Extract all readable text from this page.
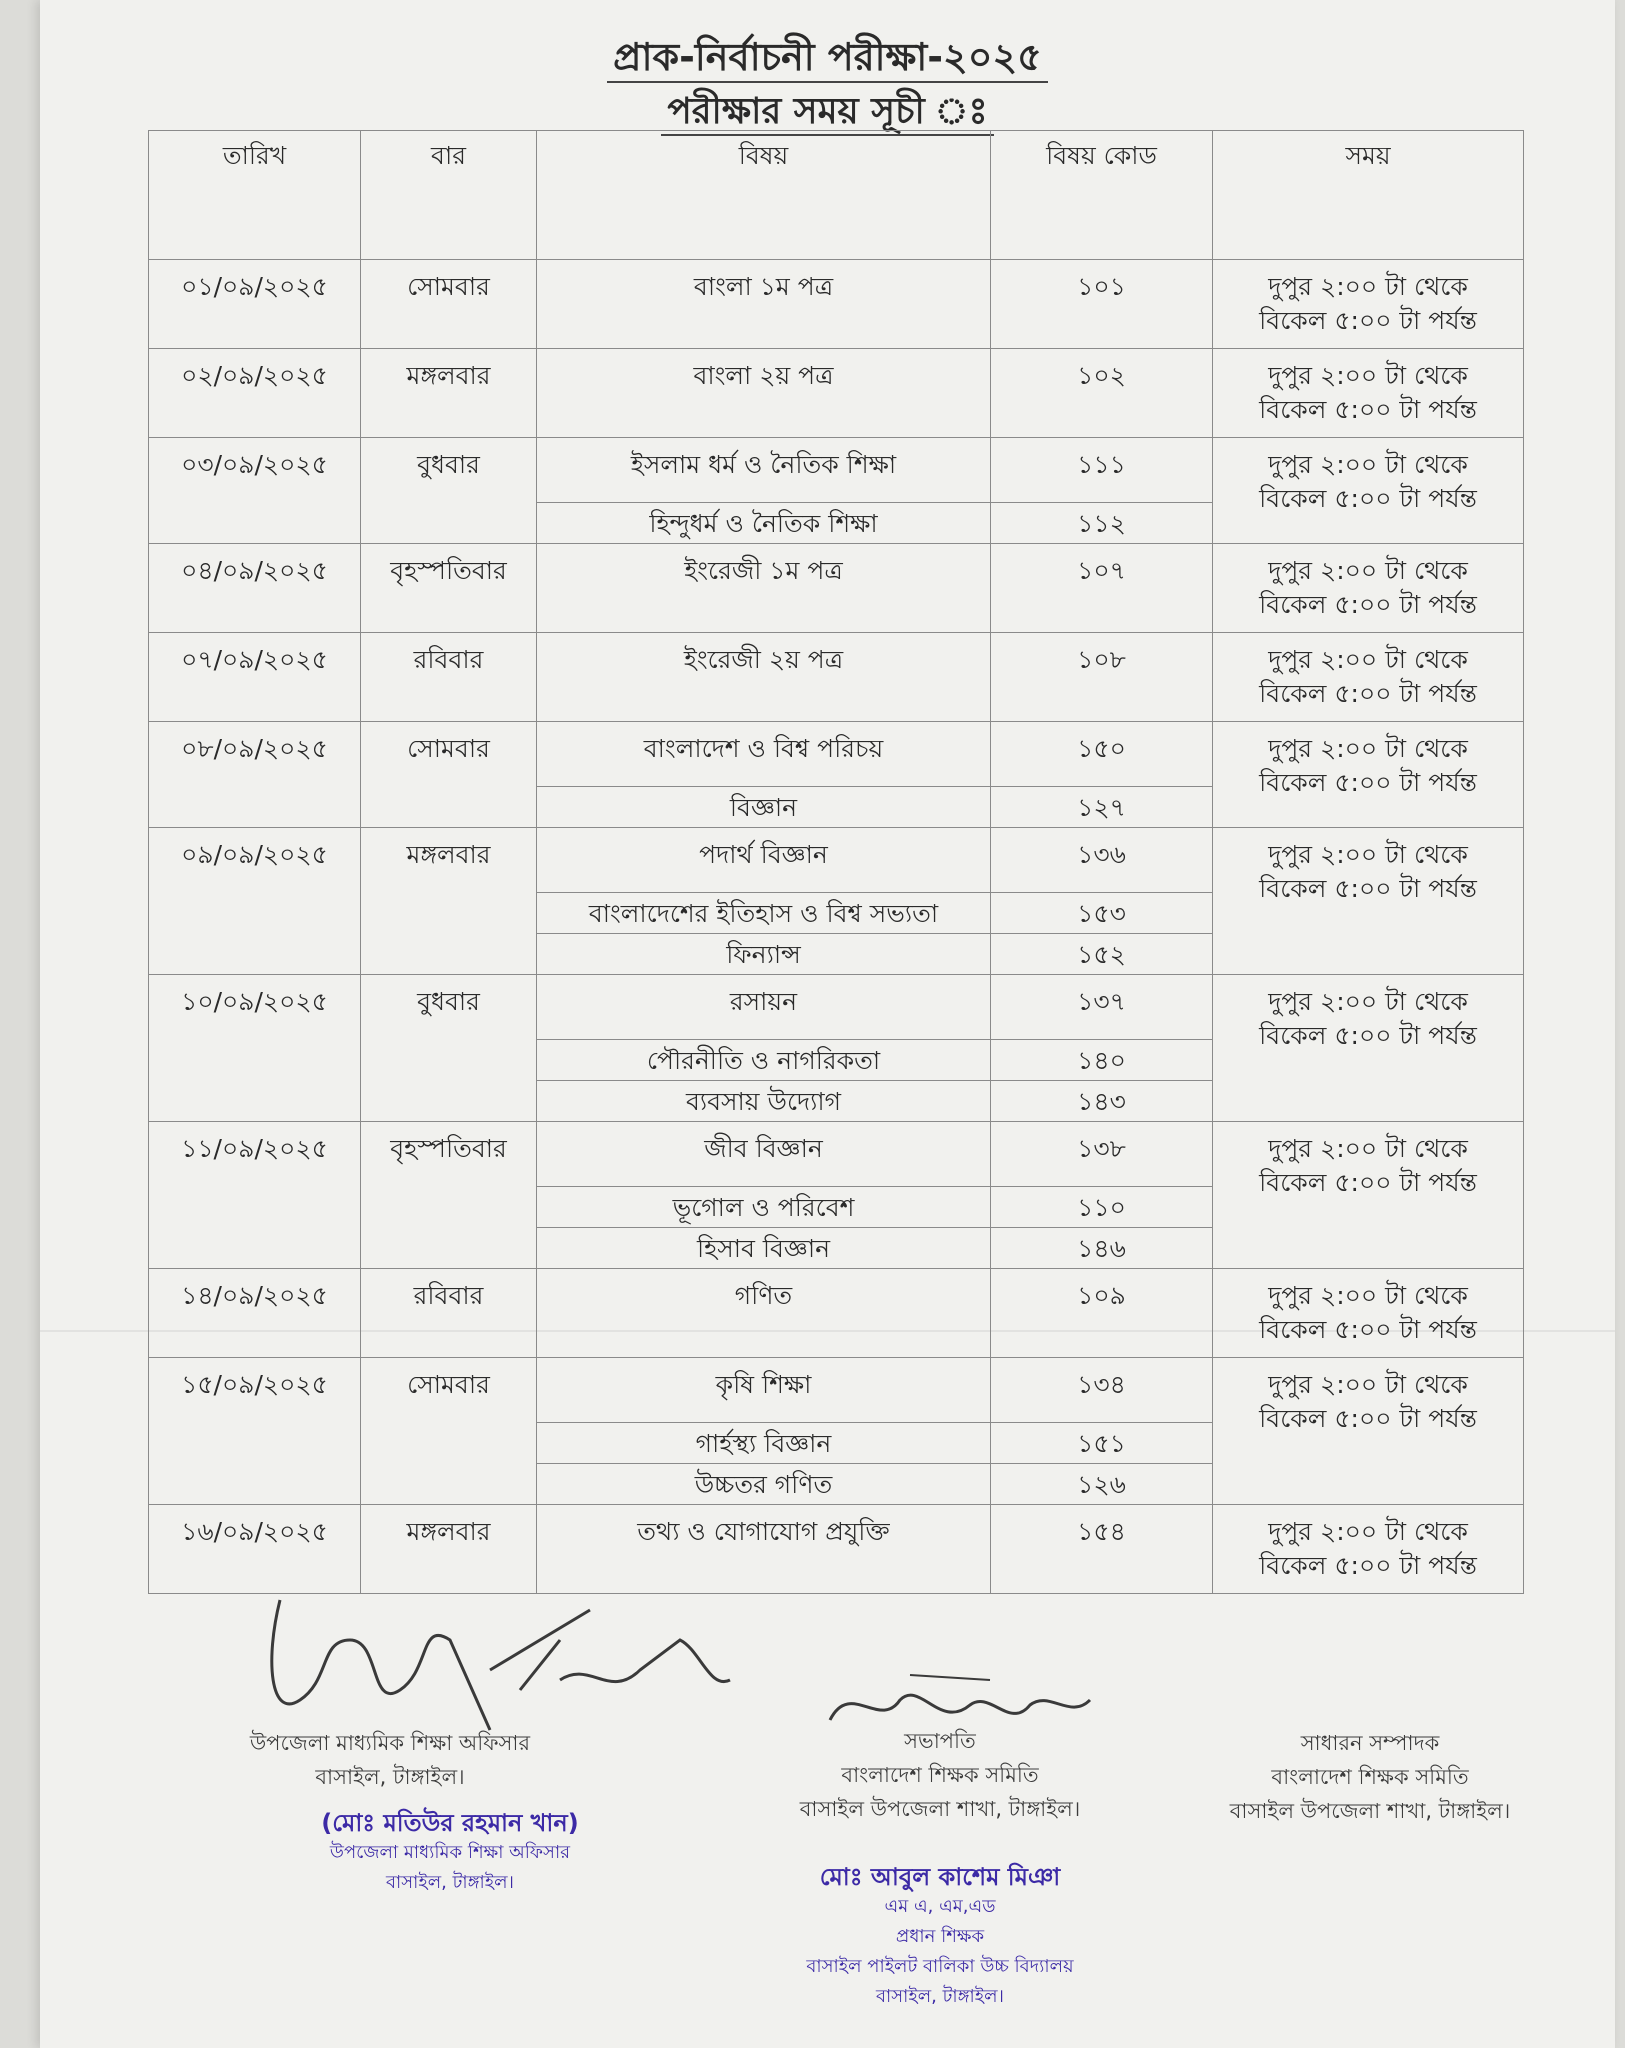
প্রাক-নির্বাচনী পরীক্ষা-২০২৫
পরীক্ষার সময় সূচী ঃ
তারিখ	বার	বিষয়	বিষয় কোড	সময়
০১/০৯/২০২৫	সোমবার	বাংলা ১ম পত্র	১০১	দুপুর ২:০০ টা থেকে
বিকেল ৫:০০ টা পর্যন্ত

০২/০৯/২০২৫	মঙ্গলবার	বাংলা ২য় পত্র	১০২	দুপুর ২:০০ টা থেকে
বিকেল ৫:০০ টা পর্যন্ত

০৩/০৯/২০২৫	বুধবার	ইসলাম ধর্ম ও নৈতিক শিক্ষা	১১১	দুপুর ২:০০ টা থেকে
বিকেল ৫:০০ টা পর্যন্ত

		হিন্দুধর্ম ও নৈতিক শিক্ষা	১১২	
০৪/০৯/২০২৫	বৃহস্পতিবার	ইংরেজী ১ম পত্র	১০৭	দুপুর ২:০০ টা থেকে
বিকেল ৫:০০ টা পর্যন্ত

০৭/০৯/২০২৫	রবিবার	ইংরেজী ২য় পত্র	১০৮	দুপুর ২:০০ টা থেকে
বিকেল ৫:০০ টা পর্যন্ত

০৮/০৯/২০২৫	সোমবার	বাংলাদেশ ও বিশ্ব পরিচয়	১৫০	দুপুর ২:০০ টা থেকে
বিকেল ৫:০০ টা পর্যন্ত

		বিজ্ঞান	১২৭	
০৯/০৯/২০২৫	মঙ্গলবার	পদার্থ বিজ্ঞান	১৩৬	দুপুর ২:০০ টা থেকে
বিকেল ৫:০০ টা পর্যন্ত

		বাংলাদেশের ইতিহাস ও বিশ্ব সভ্যতা	১৫৩	
		ফিন্যান্স	১৫২	
১০/০৯/২০২৫	বুধবার	রসায়ন	১৩৭	দুপুর ২:০০ টা থেকে
বিকেল ৫:০০ টা পর্যন্ত

		পৌরনীতি ও নাগরিকতা	১৪০	
		ব্যবসায় উদ্যোগ	১৪৩	
১১/০৯/২০২৫	বৃহস্পতিবার	জীব বিজ্ঞান	১৩৮	দুপুর ২:০০ টা থেকে
বিকেল ৫:০০ টা পর্যন্ত

		ভূগোল ও পরিবেশ	১১০	
		হিসাব বিজ্ঞান	১৪৬	
১৪/০৯/২০২৫	রবিবার	গণিত	১০৯	দুপুর ২:০০ টা থেকে
বিকেল ৫:০০ টা পর্যন্ত

১৫/০৯/২০২৫	সোমবার	কৃষি শিক্ষা	১৩৪	দুপুর ২:০০ টা থেকে
বিকেল ৫:০০ টা পর্যন্ত

		গার্হস্থ্য বিজ্ঞান	১৫১	
		উচ্চতর গণিত	১২৬	
১৬/০৯/২০২৫	মঙ্গলবার	তথ্য ও যোগাযোগ প্রযুক্তি	১৫৪	দুপুর ২:০০ টা থেকে
বিকেল ৫:০০ টা পর্যন্ত
উপজেলা মাধ্যমিক শিক্ষা অফিসার
বাসাইল, টাঙ্গাইল।
সভাপতি
বাংলাদেশ শিক্ষক সমিতি
বাসাইল উপজেলা শাখা, টাঙ্গাইল।
সাধারন সম্পাদক
বাংলাদেশ শিক্ষক সমিতি
বাসাইল উপজেলা শাখা, টাঙ্গাইল।
(মোঃ মতিউর রহমান খান)
উপজেলা মাধ্যমিক শিক্ষা অফিসার
বাসাইল, টাঙ্গাইল।	মোঃ আবুল কাশেম মিঞা
এম এ, এম,এড
প্রধান শিক্ষক
বাসাইল পাইলট বালিকা উচ্চ বিদ্যালয়
বাসাইল, টাঙ্গাইল।
